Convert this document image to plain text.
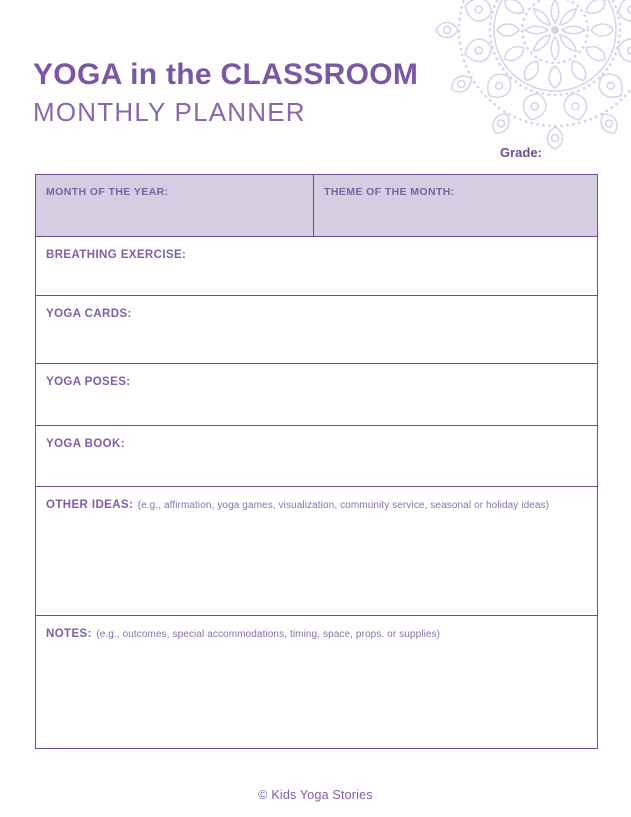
YOGA in the CLASSROOM
MONTHLY PLANNER
Grade:
MONTH OF THE YEAR:	THEME OF THE MONTH:
BREATHING EXERCISE:
YOGA CARDS:
YOGA POSES:
YOGA BOOK:
OTHER IDEAS: (e.g., affirmation, yoga games, visualization, community service, seasonal or holiday ideas)
NOTES: (e.g., outcomes, special accommodations, timing, space, props. or supplies)
© Kids Yoga Stories
